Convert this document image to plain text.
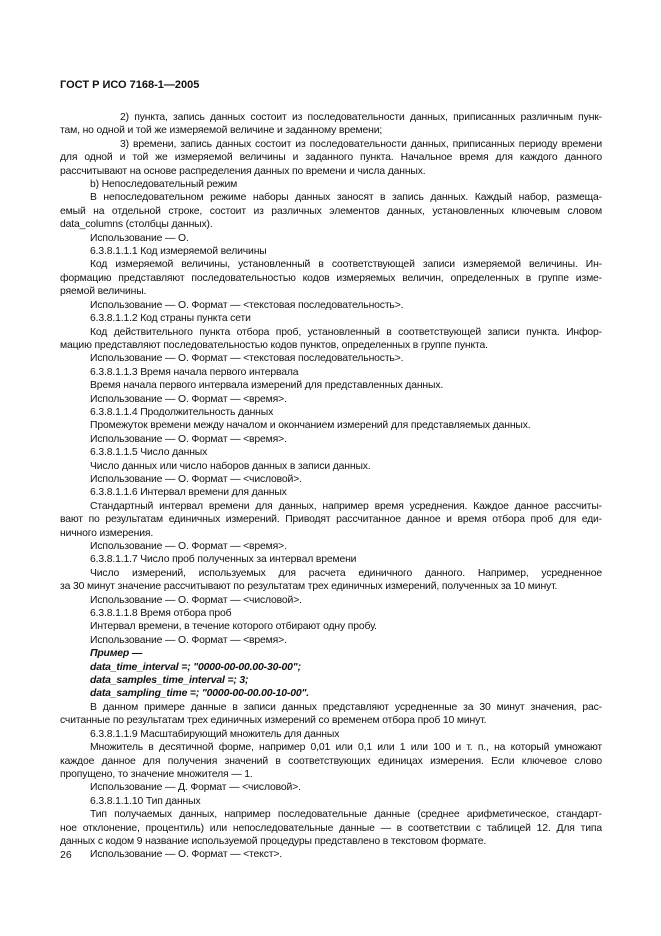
ГОСТ Р ИСО 7168-1—2005
2) пункта, запись данных состоит из последовательности данных, приписанных различным пунк-
там, но одной и той же измеряемой величине и заданному времени;
3) времени, запись данных состоит из последовательности данных, приписанных периоду времени
для одной и той же измеряемой величины и заданного пункта. Начальное время для каждого данного
рассчитывают на основе распределения данных по времени и числа данных.
b) Непоследовательный режим
В непоследовательном режиме наборы данных заносят в запись данных. Каждый набор, размеща-
емый на отдельной строке, состоит из различных элементов данных, установленных ключевым словом
data_columns (столбцы данных).
Использование — О.
6.3.8.1.1.1 Код измеряемой величины
Код измеряемой величины, установленный в соответствующей записи измеряемой величины. Ин-
формацию представляют последовательностью кодов измеряемых величин, определенных в группе изме-
ряемой величины.
Использование — О. Формат — <текстовая последовательность>.
6.3.8.1.1.2 Код страны пункта сети
Код действительного пункта отбора проб, установленный в соответствующей записи пункта. Инфор-
мацию представляют последовательностью кодов пунктов, определенных в группе пункта.
Использование — О. Формат — <текстовая последовательность>.
6.3.8.1.1.3 Время начала первого интервала
Время начала первого интервала измерений для представленных данных.
Использование — О. Формат — <время>.
6.3.8.1.1.4 Продолжительность данных
Промежуток времени между началом и окончанием измерений для представляемых данных.
Использование — О. Формат — <время>.
6.3.8.1.1.5 Число данных
Число данных или число наборов данных в записи данных.
Использование — О. Формат — <числовой>.
6.3.8.1.1.6 Интервал времени для данных
Стандартный интервал времени для данных, например время усреднения. Каждое данное рассчиты-
вают по результатам единичных измерений. Приводят рассчитанное данное и время отбора проб для еди-
ничного измерения.
Использование — О. Формат — <время>.
6.3.8.1.1.7 Число проб полученных за интервал времени
Число измерений, используемых для расчета единичного данного. Например, усредненное
за 30 минут значение рассчитывают по результатам трех единичных измерений, полученных за 10 минут.
Использование — О. Формат — <числовой>.
6.3.8.1.1.8 Время отбора проб
Интервал времени, в течение которого отбирают одну пробу.
Использование — О. Формат — <время>.
Пример —
data_time_interval =; "0000-00-00.00-30-00";
data_samples_time_interval =; 3;
data_sampling_time =; "0000-00-00.00-10-00".
В данном примере данные в записи данных представляют усредненные за 30 минут значения, рас-
считанные по результатам трех единичных измерений со временем отбора проб 10 минут.
6.3.8.1.1.9 Масштабирующий множитель для данных
Множитель в десятичной форме, например 0,01 или 0,1 или 1 или 100 и т. п., на который умножают
каждое данное для получения значений в соответствующих единицах измерения. Если ключевое слово
пропущено, то значение множителя — 1.
Использование — Д. Формат — <числовой>.
6.3.8.1.1.10 Тип данных
Тип получаемых данных, например последовательные данные (среднее арифметическое, стандарт-
ное отклонение, процентиль) или непоследовательные данные — в соответствии с таблицей 12. Для типа
данных с кодом 9 название используемой процедуры представлено в текстовом формате.
Использование — О. Формат — <текст>.
26
